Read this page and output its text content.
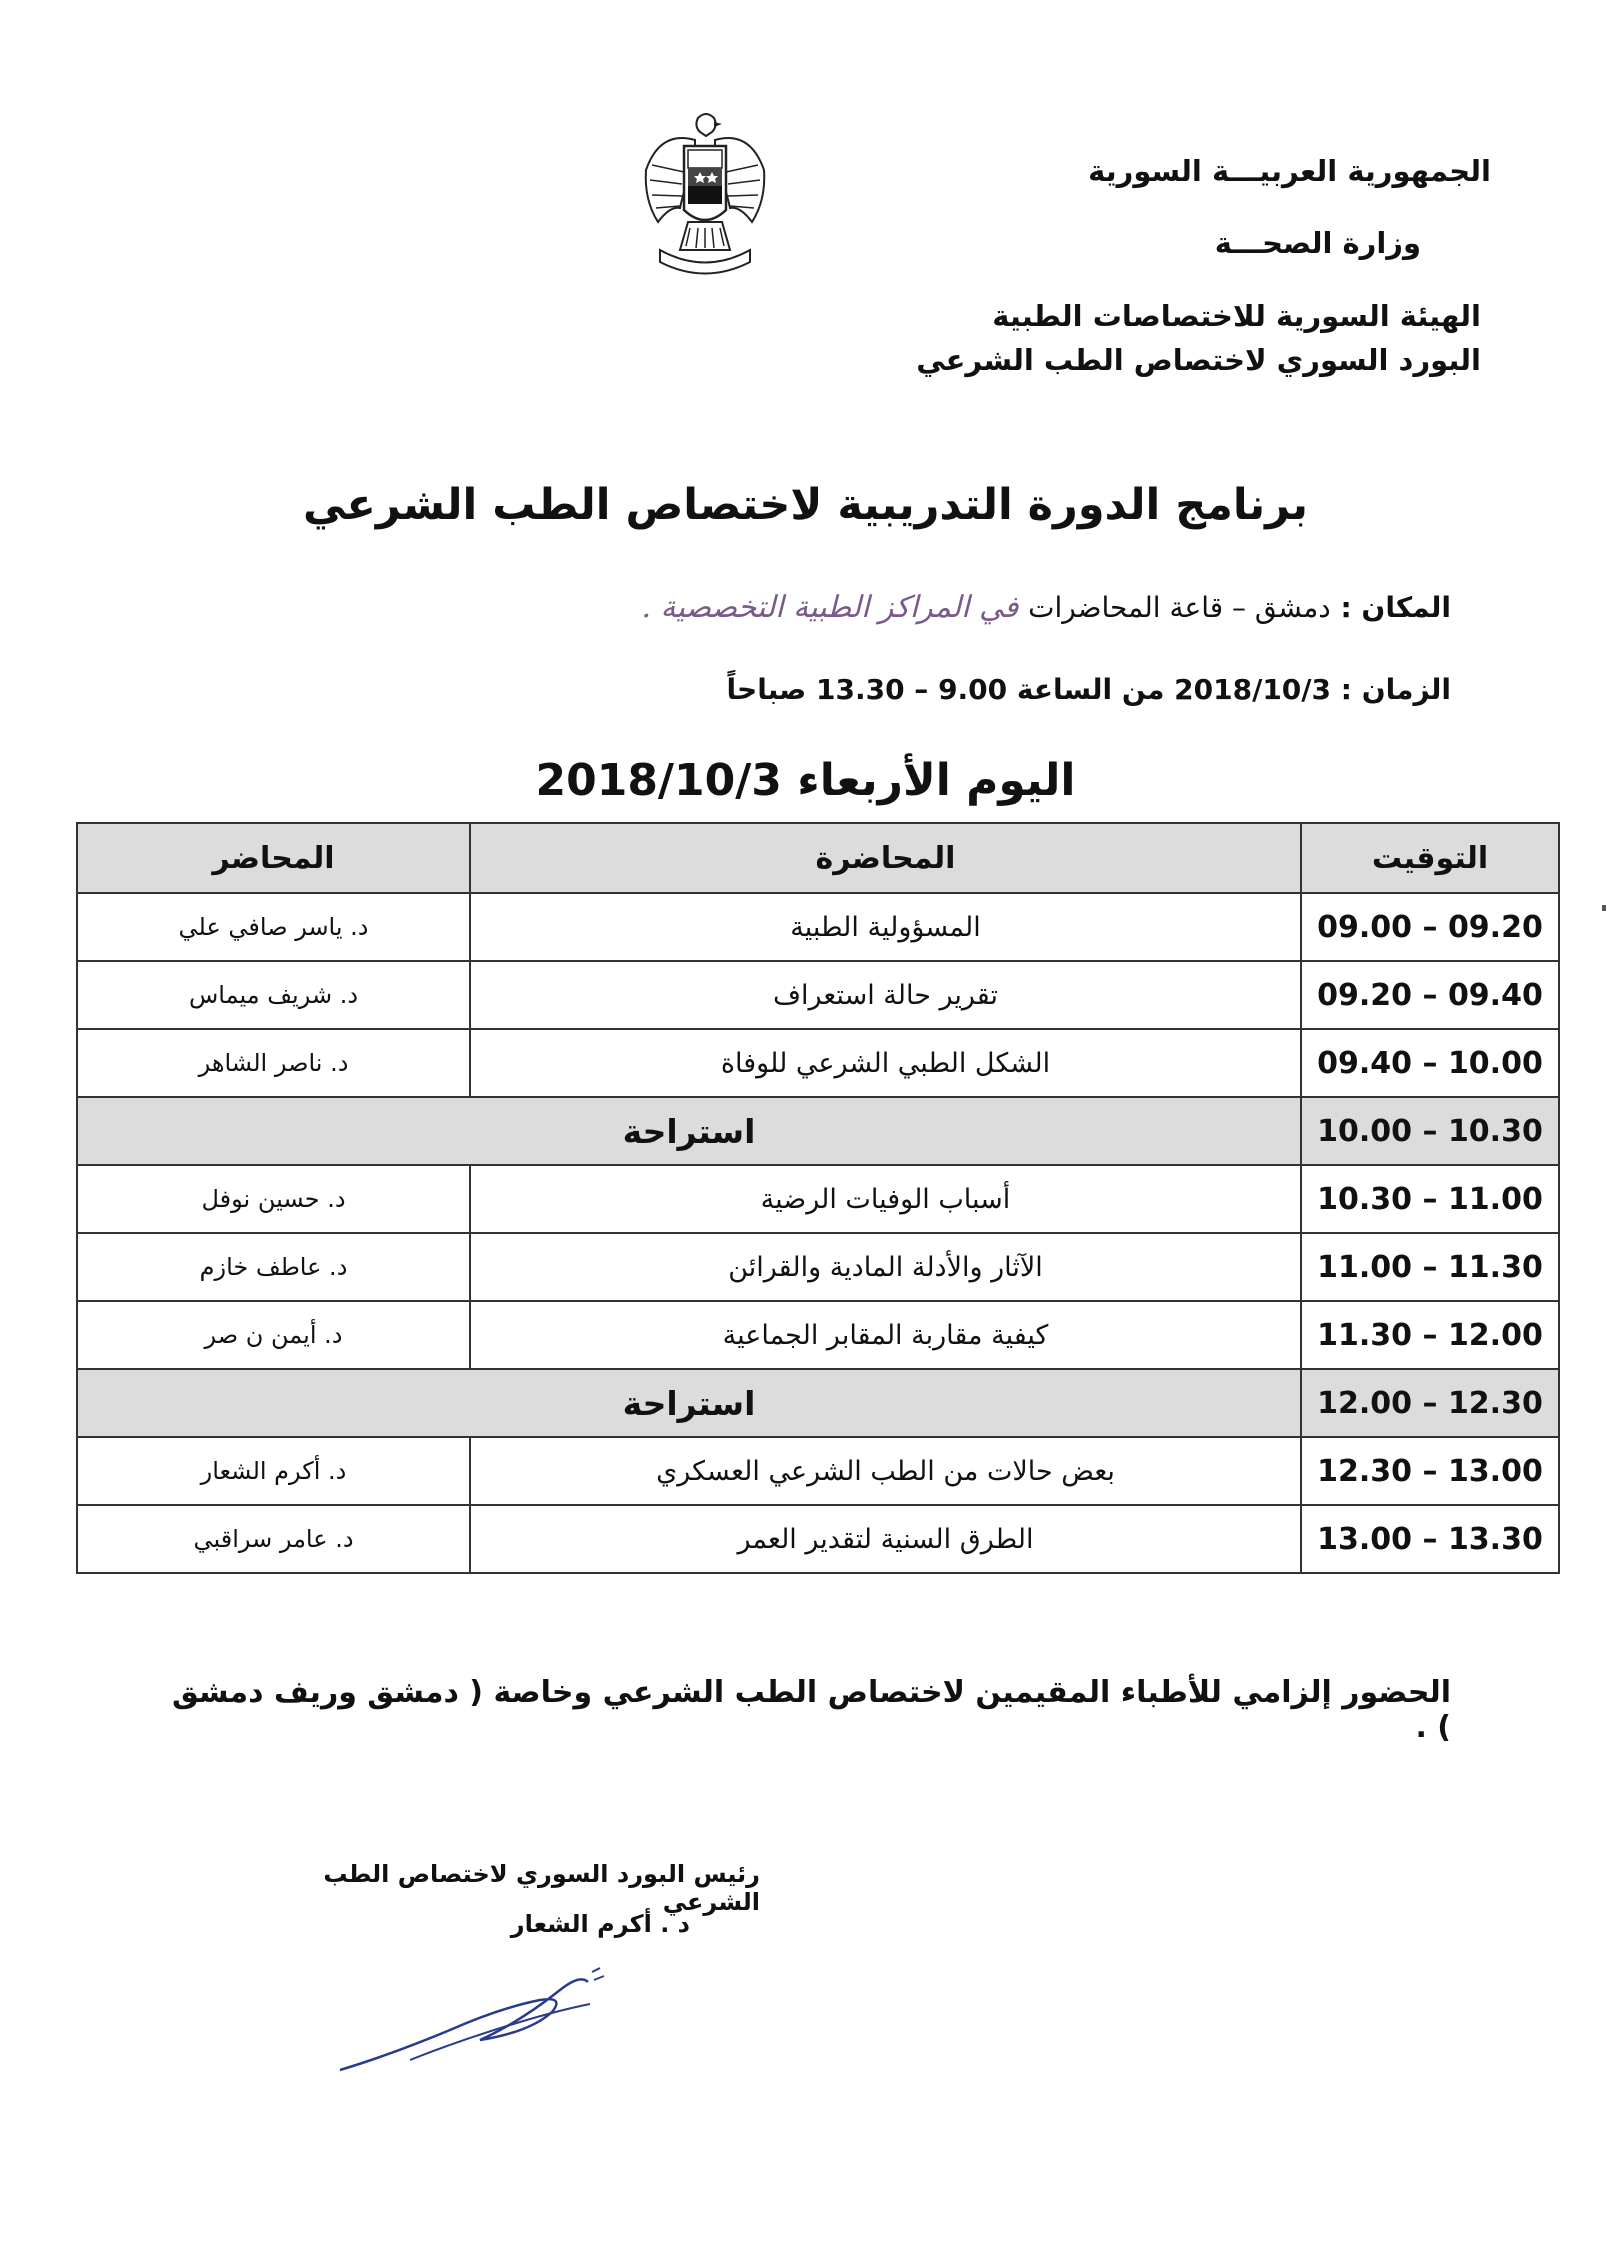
الجمهورية العربيـــة السورية
وزارة الصحـــة
الهيئة السورية للاختصاصات الطبية
البورد السوري لاختصاص الطب الشرعي
برنامج الدورة التدريبية لاختصاص الطب الشرعي
المكان : دمشق – قاعة المحاضرات في المراكز الطبية التخصصية .
الزمان : 2018/10/3 من الساعة 9.00 – 13.30 صباحاً
اليوم الأربعاء 2018/10/3
التوقيت	المحاضرة	المحاضر
09.00 – 09.20	المسؤولية الطبية	د. ياسر صافي علي
09.20 – 09.40	تقرير حالة استعراف	د. شريف ميماس
09.40 – 10.00	الشكل الطبي الشرعي للوفاة	د. ناصر الشاهر
10.00 – 10.30	استراحة	
10.30 – 11.00	أسباب الوفيات الرضية	د. حسين نوفل
11.00 – 11.30	الآثار والأدلة المادية والقرائن	د. عاطف خازم
11.30 – 12.00	كيفية مقاربة المقابر الجماعية	د. أيمن ن صر
12.00 – 12.30	استراحة	
12.30 – 13.00	بعض حالات من الطب الشرعي العسكري	د. أكرم الشعار
13.00 – 13.30	الطرق السنية لتقدير العمر	د. عامر سراقبي
الحضور إلزامي للأطباء المقيمين لاختصاص الطب الشرعي وخاصة ( دمشق وريف دمشق ) .
رئيس البورد السوري لاختصاص الطب الشرعي
د . أكرم الشعار
